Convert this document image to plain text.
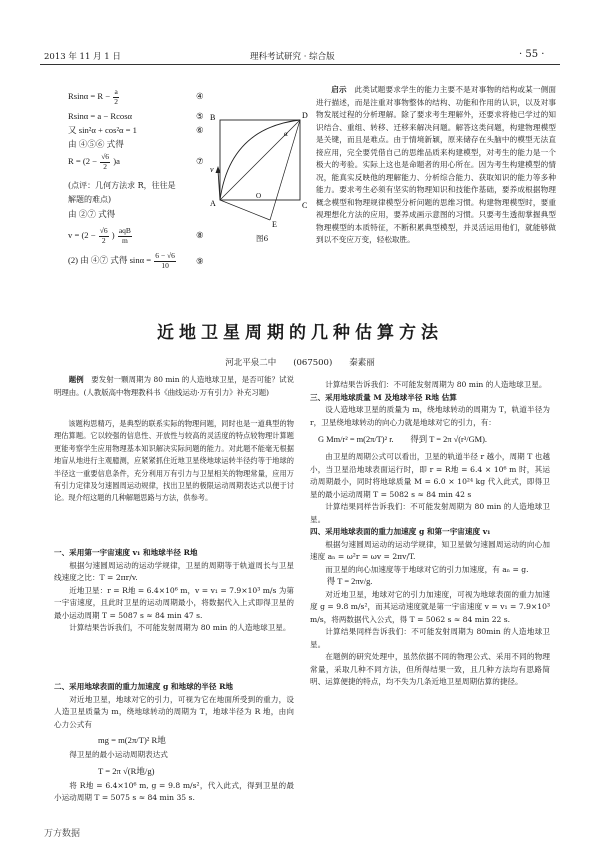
2013 年 11 月 1 日	理科考试研究 · 综合版	· 55 ·
$Rsin\alpha = R - \frac{a}{2}$	④
Rsinα = a − Rcosα	⑤
又 sin²α + cos²α = 1	⑥
由 ④⑤⑥ 式得
$R = (2 - \frac{√6}{2} )a$	⑦
(点评：几何方法求 R，往往是
解题的难点)
由 ②⑦ 式得
$v = (2 - \frac{√6}{2}$ ) $\frac{\text{aqB}}{m}$	⑧
(2) 由 ④⑦ 式得 $\sin\alpha = \frac{6 - √6}{10}$ ⑨
A
B	D
C
E
O
v
α
图6

启示　 此类试题要求学生的能力主要不是对事物的结构或某一侧面进行描述，而是注重对事物整体的结构、功能和作用的认识，以及对事物发展过程的分析理解。除了要求考生理解外，还要求将他已学过的知识结合、重组、转移、迁移来解决问题。解答这类问题，构建物理模型是关键，而且是难点。由于情境新颖，原来储存在头脑中的模型无法直接应用，完全要凭借自己的思维品质来构建模型，对考生的能力是一个极大的考验。实际上这也是命题者的用心所在。因为考生构建模型的情况，能真实反映他的理解能力、分析综合能力、获取知识的能力等多种能力。要求考生必须有坚实的物理知识和技能作基础，要养成根据物理概念模型和物理规律模型分析问题的思维习惯。构建物理模型时，要重视理想化方法的应用，要养成画示意图的习惯。只要考生透彻掌握典型物理模型的本质特征，不断积累典型模型，并灵活运用他们，就能够做到以不变应万变，轻松取胜。

近地卫星周期的几种估算方法
河北平泉二中　　(067500)　　秦素丽

题例　 要发射一颗周期为 80 min 的人造地球卫星，是否可能？试说明理由。(人教版高中物理教科书《曲线运动·万有引力》补充习题)

该题构思精巧，是典型的联系实际的物理问题，同时也是一道典型的物理估算题。它以较强的信息性、开放性与较高的灵活度的特点较物理计算题更能考察学生应用物理基本知识解决实际问题的能力。对此题不能毫无根据地盲从地进行主观臆测，应紧紧抓住近地卫星绕地球运转半径约等于地球的半径这一重要信息条件，充分利用万有引力与卫星相关的物理常量，应用万有引力定律及匀速圆周运动规律，找出卫星的极限运动周期表达式以便于讨论。现介绍这题的几种解题思路与方法，供参考。

一、采用第一宇宙速度 v₁ 和地球半径 R地

根据匀速圆周运动的运动学规律，卫星的周期等于轨道周长与卫星线速度之比：T = 2πr/v.

近地卫星：r = R地 = 6.4×10⁶ m，v = v₁ = 7.9×10³ m/s 为第一宇宙速度，且此时卫星的运动周期最小，将数据代入上式即得卫星的最小运动周期 T = 5087 s ≈ 84 min 47 s.

计算结果告诉我们，不可能发射周期为 80 min 的人造地球卫星。

二、采用地球表面的重力加速度 g 和地球的半径 R地

对近地卫星，地球对它的引力，可视为它在地面所受到的重力，设人造卫星质量为 m，绕地球转动的周期为 T，地球半径为 R 地，由向心力公式有

mg = m(2π/T)² R地

得卫星的最小运动周期表达式

T = 2π √(R地/g)

将 R地 = 6.4×10⁶ m, g = 9.8 m/s²，代入此式，得到卫星的最小运动周期 T = 5075 s ≈ 84 min 35 s.

计算结果告诉我们：不可能发射周期为 80 min 的人造地球卫星。

三、采用地球质量 M 及地球半径 R地 估算

设人造地球卫星的质量为 m，绕地球转动的周期为 T，轨道半径为 r，卫星绕地球转动的向心力就是地球对它的引力，有：

G Mm/r² = m(2π/T)² r.　　得到 T = 2π √(r³/GM).

由卫星的周期公式可以看出，卫星的轨道半径 r 越小，周期 T 也越小，当卫星沿地球表面运行时，即 r = R地 = 6.4 × 10⁶ m 时，其运动周期最小，同时将地球质量 M = 6.0 × 10²⁴ kg 代入此式，即得卫星的最小运动周期 T = 5082 s ≈ 84 min 42 s

计算结果同样告诉我们：不可能发射周期为 80 min 的人造地球卫星。

四、采用地球表面的重力加速度 g 和第一宇宙速度 v₁

根据匀速圆周运动的运动学规律，知卫星做匀速圆周运动的向心加速度 aₙ = ω²r = ωv = 2πv/T.

而卫星的向心加速度等于地球对它的引力加速度，有 aₙ = g.

得 T = 2πv/g.

对近地卫星，地球对它的引力加速度，可视为地球表面的重力加速度 g = 9.8 m/s²，而其运动速度就是第一宇宙速度 v = v₁ = 7.9×10³ m/s，将两数据代入公式，得 T = 5062 s ≈ 84 min 22 s.

计算结果同样告诉我们：不可能发射周期为 80min 的人造地球卫星。

在题例的研究处理中，虽然依据不同的物理公式、采用不同的物理常量，采取几种不同方法，但所得结果一致，且几种方法均有思路简明、运算便捷的特点，均不失为几条近地卫星周期估算的捷径。

万方数据
